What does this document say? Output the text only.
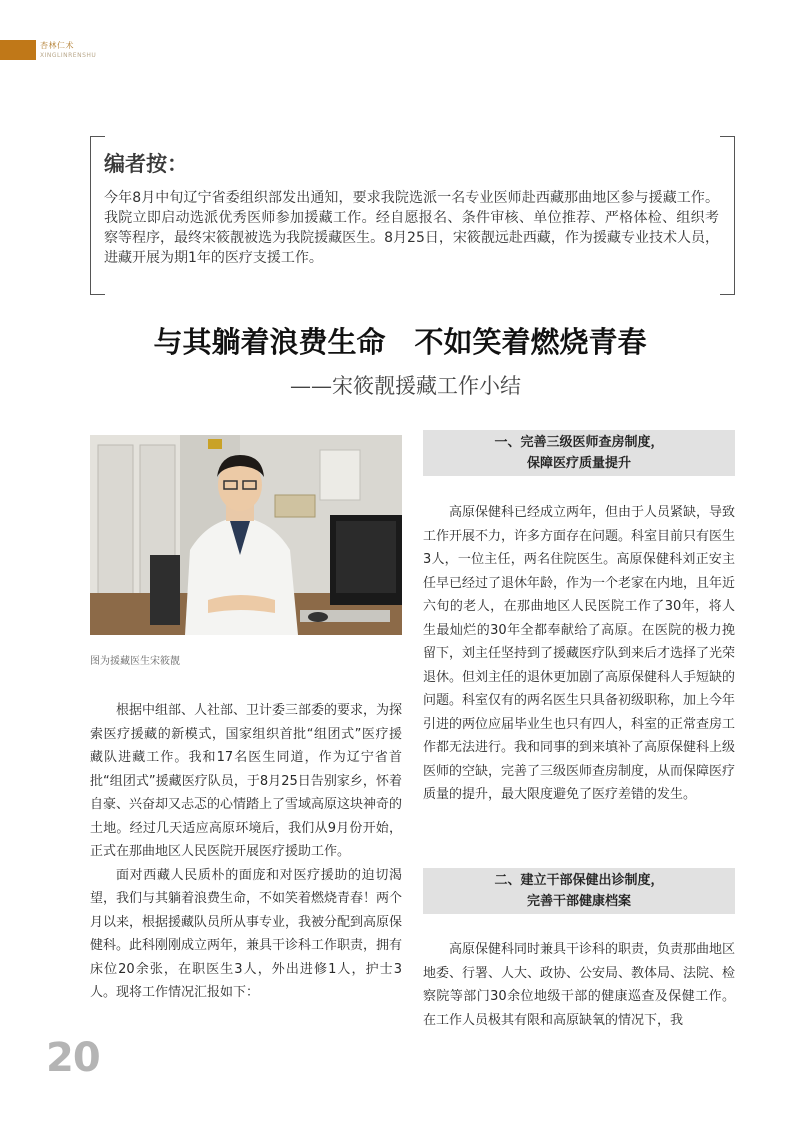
杏林仁术
XINGLINRENSHU
编者按：
今年8月中旬辽宁省委组织部发出通知，要求我院选派一名专业医师赴西藏那曲地区参与援藏工作。我院立即启动选派优秀医师参加援藏工作。经自愿报名、条件审核、单位推荐、严格体检、组织考察等程序，最终宋筱靓被选为我院援藏医生。8月25日，宋筱靓远赴西藏，作为援藏专业技术人员，进藏开展为期1年的医疗支援工作。
与其躺着浪费生命　不如笑着燃烧青春
——宋筱靓援藏工作小结
图为援藏医生宋筱靓

根据中组部、人社部、卫计委三部委的要求，为探索医疗援藏的新模式，国家组织首批“组团式”医疗援藏队进藏工作。我和17名医生同道，作为辽宁省首批“组团式”援藏医疗队员，于8月25日告别家乡，怀着自豪、兴奋却又忐忑的心情踏上了雪域高原这块神奇的土地。经过几天适应高原环境后，我们从9月份开始，正式在那曲地区人民医院开展医疗援助工作。

面对西藏人民质朴的面庞和对医疗援助的迫切渴望，我们与其躺着浪费生命，不如笑着燃烧青春！两个月以来，根据援藏队员所从事专业，我被分配到高原保健科。此科刚刚成立两年，兼具干诊科工作职责，拥有床位20余张，在职医生3人，外出进修1人，护士3人。现将工作情况汇报如下：

一、完善三级医师查房制度，
保障医疗质量提升

高原保健科已经成立两年，但由于人员紧缺，导致工作开展不力，许多方面存在问题。科室目前只有医生3人，一位主任，两名住院医生。高原保健科刘正安主任早已经过了退休年龄，作为一个老家在内地，且年近六旬的老人，在那曲地区人民医院工作了30年，将人生最灿烂的30年全都奉献给了高原。在医院的极力挽留下，刘主任坚持到了援藏医疗队到来后才选择了光荣退休。但刘主任的退休更加剧了高原保健科人手短缺的问题。科室仅有的两名医生只具备初级职称，加上今年引进的两位应届毕业生也只有四人，科室的正常查房工作都无法进行。我和同事的到来填补了高原保健科上级医师的空缺，完善了三级医师查房制度，从而保障医疗质量的提升，最大限度避免了医疗差错的发生。

二、建立干部保健出诊制度，
完善干部健康档案

高原保健科同时兼具干诊科的职责，负责那曲地区地委、行署、人大、政协、公安局、教体局、法院、检察院等部门30余位地级干部的健康巡查及保健工作。在工作人员极其有限和高原缺氧的情况下，我

20
